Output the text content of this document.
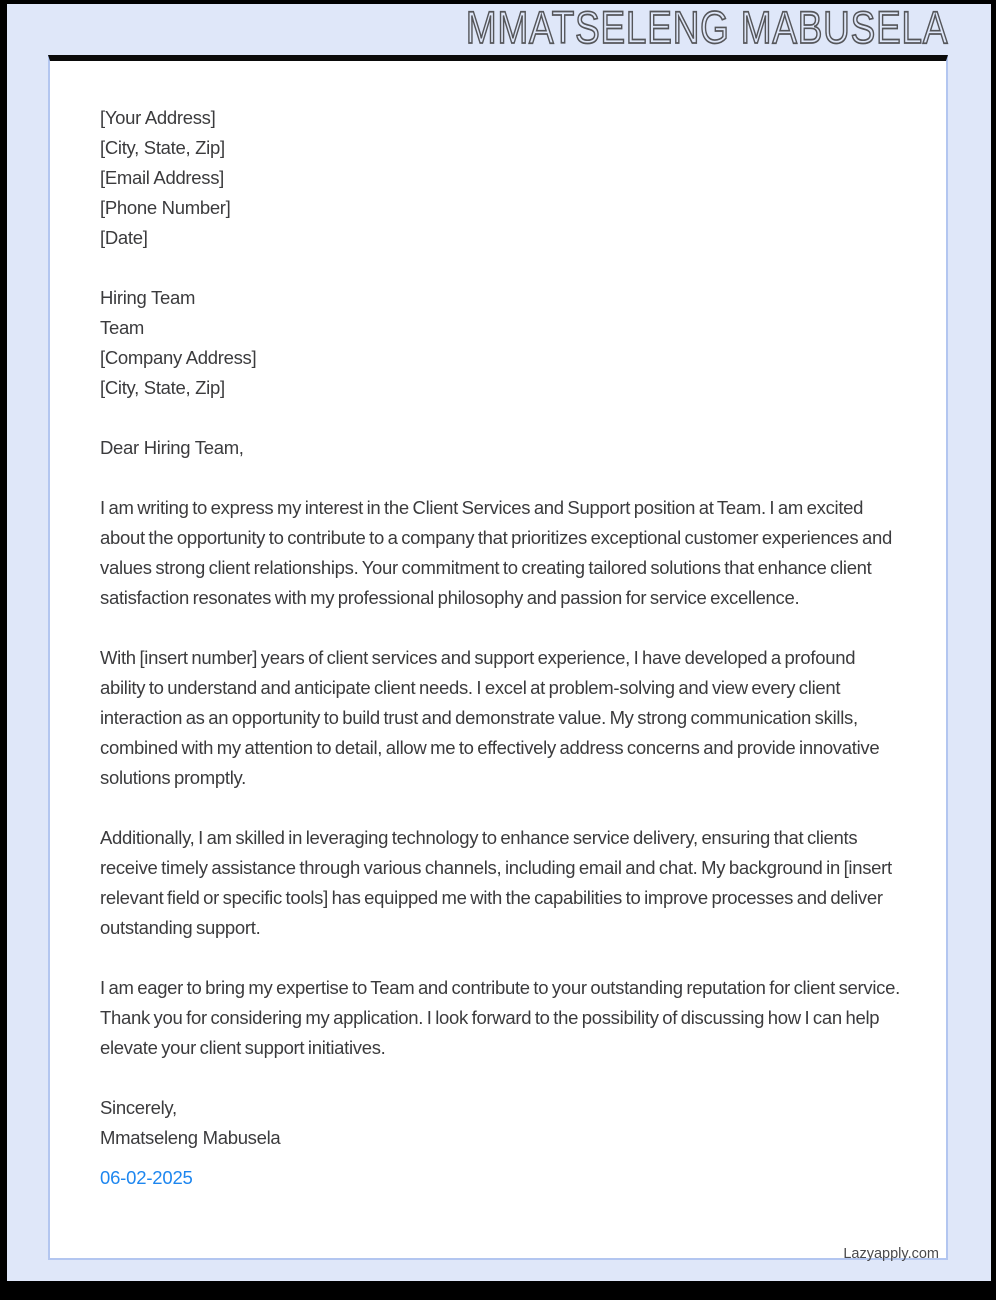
MMATSELENG MABUSELA
[Your Address]
[City, State, Zip]
[Email Address]
[Phone Number]
[Date]
Hiring Team
Team
[Company Address]
[City, State, Zip]
Dear Hiring Team,

I am writing to express my interest in the Client Services and Support position at Team. I am excited about the opportunity to contribute to a company that prioritizes exceptional customer experiences and values strong client relationships. Your commitment to creating tailored solutions that enhance client satisfaction resonates with my professional philosophy and passion for service excellence.

With [insert number] years of client services and support experience, I have developed a profound ability to understand and anticipate client needs. I excel at problem-solving and view every client interaction as an opportunity to build trust and demonstrate value. My strong communication skills, combined with my attention to detail, allow me to effectively address concerns and provide innovative solutions promptly.

Additionally, I am skilled in leveraging technology to enhance service delivery, ensuring that clients receive timely assistance through various channels, including email and chat. My background in [insert relevant field or specific tools] has equipped me with the capabilities to improve processes and deliver outstanding support.

I am eager to bring my expertise to Team and contribute to your outstanding reputation for client service. Thank you for considering my application. I look forward to the possibility of discussing how I can help elevate your client support initiatives.

Sincerely,
Mmatseleng Mabusela
06-02-2025
Lazyapply.com
